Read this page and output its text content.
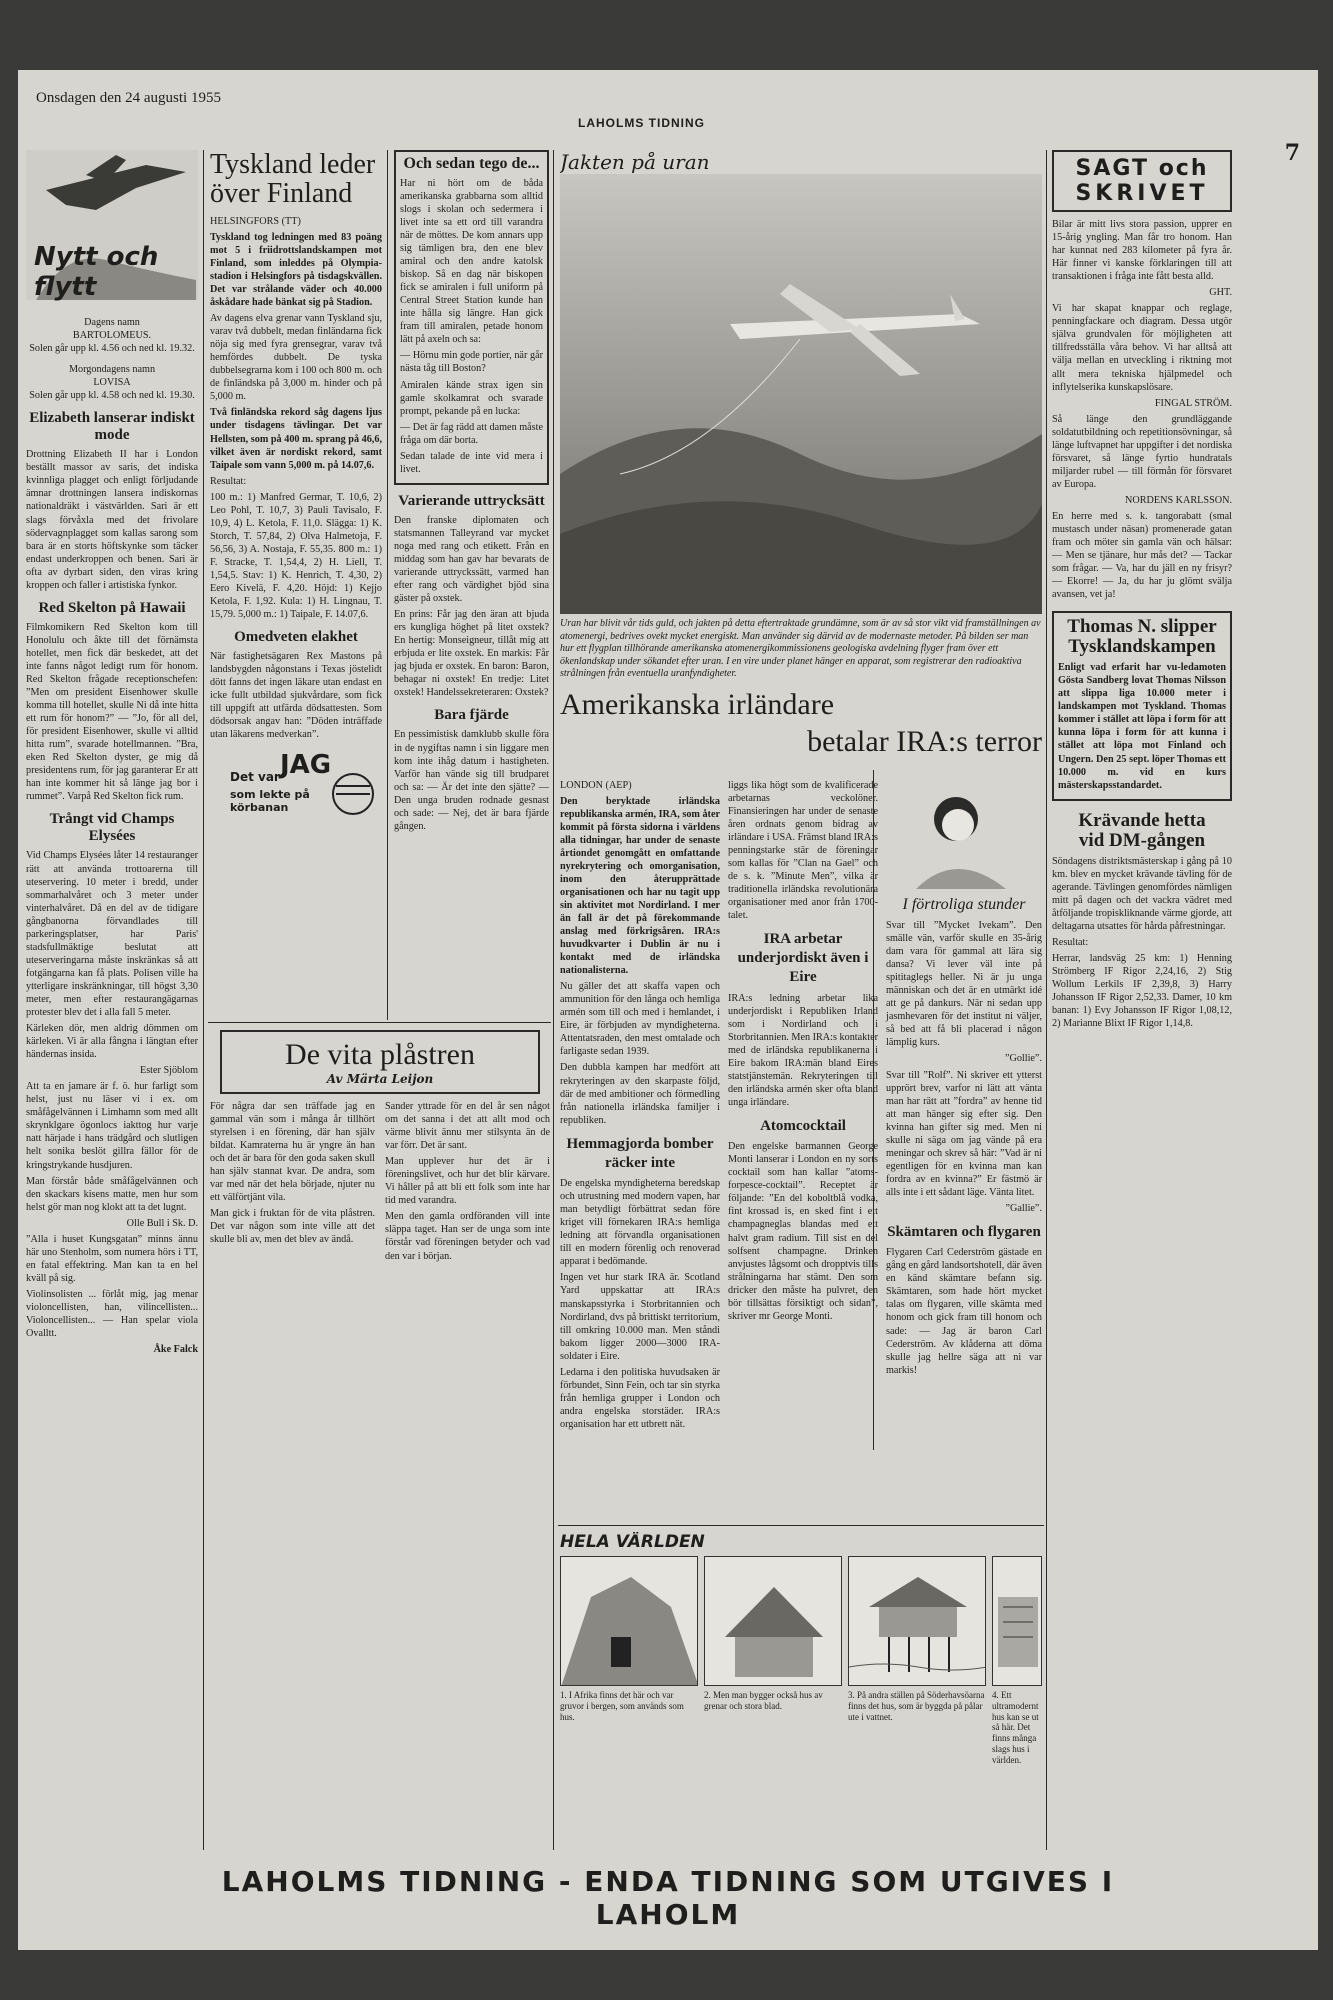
Onsdagen den 24 augusti 1955
LAHOLMS TIDNING
7
Nytt och flytt
Dagens namn
BARTOLOMEUS.
Solen går upp kl. 4.56 och ned kl. 19.32.
Morgondagens namn
LOVISA
Solen går upp kl. 4.58 och ned kl. 19.30.
Elizabeth lanserar indiskt mode

Drottning Elizabeth II har i London beställt massor av saris, det indiska kvinnliga plagget och enligt förljudande ämnar drottningen lansera indiskornas nationaldräkt i västvärlden. Sari är ett slags förvåxla med det frivolare södervagnplagget som kallas sarong som bara är en storts höftskynke som täcker endast underkroppen och benen. Sari är ofta av dyrbart siden, den viras kring kroppen och faller i artistiska fynkor.

Red Skelton på Hawaii

Filmkomikern Red Skelton kom till Honolulu och åkte till det förnämsta hotellet, men fick där beskedet, att det inte fanns något ledigt rum för honom. Red Skelton frågade receptionschefen: ”Men om president Eisenhower skulle komma till hotellet, skulle Ni då inte hitta ett rum för honom?” — ”Jo, för all del, för president Eisenhower, skulle vi alltid hitta rum”, svarade hotellmannen. ”Bra, eken Red Skelton dyster, ge mig då presidentens rum, för jag garanterar Er att han inte kommer hit så länge jag bor i rummet”. Varpå Red Skelton fick rum.

Trångt vid Champs Elysées

Vid Champs Elysées låter 14 restauranger rätt att använda trottoarerna till uteservering. 10 meter i bredd, under sommarhalvåret och 3 meter under vinterhalvåret. Då en del av de tidigare gångbanorna förvandlades till parkeringsplatser, har Paris' stadsfullmäktige beslutat att uteserveringarna måste inskränkas så att fotgängarna kan få plats. Polisen ville ha ytterligare inskränkningar, till högst 3,30 meter, men efter restaurangägarnas protester blev det i alla fall 5 meter.

Kärleken dör, men aldrig dömmen om kärleken. Vi är alla fångna i längtan efter händernas insida.

Ester Sjöblom

Att ta en jamare är f. ö. hur farligt som helst, just nu läser vi i ex. om småfågelvännen i Limhamn som med allt skrynklgare ögonlocs iakttog hur varje natt härjade i hans trädgård och slutligen helt sonika beslöt gillra fällor för de kringstrykande husdjuren.

Man förstår både småfågelvännen och den skackars kisens matte, men hur som helst gör man nog klokt att ta det lugnt.

Olle Bull i Sk. D.

”Alla i huset Kungsgatan” minns ännu här uno Stenholm, som numera hörs i TT, en fatal effektring. Man kan ta en hel kväll på sig.

Violinsolisten ... förlåt mig, jag menar violoncellisten, han, vilincellisten... Violoncellisten... — Han spelar viola Ovalltt.

Åke Falck

Tyskland leder över Finland

HELSINGFORS (TT)

Tyskland tog ledningen med 83 poäng mot 5 i friidrottslandskampen mot Finland, som inleddes på Olympia-stadion i Helsingfors på tisdagskvällen. Det var strålande väder och 40.000 åskådare hade bänkat sig på Stadion.

Av dagens elva grenar vann Tyskland sju, varav två dubbelt, medan finländarna fick nöja sig med fyra grensegrar, varav två hemfördes dubbelt. De tyska dubbelsegrarna kom i 100 och 800 m. och de finländska på 3,000 m. hinder och på 5,000 m.

Två finländska rekord såg dagens ljus under tisdagens tävlingar. Det var Hellsten, som på 400 m. sprang på 46,6, vilket även är nordiskt rekord, samt Taipale som vann 5,000 m. på 14.07,6.

Resultat:

100 m.: 1) Manfred Germar, T. 10,6, 2) Leo Pohl, T. 10,7, 3) Pauli Tavisalo, F. 10,9, 4) L. Ketola, F. 11,0. Slägga: 1) K. Storch, T. 57,84, 2) Olva Halmetoja, F. 56,56, 3) A. Nostaja, F. 55,35. 800 m.: 1) F. Stracke, T. 1,54,4, 2) H. Liell, T. 1,54,5. Stav: 1) K. Henrich, T. 4,30, 2) Eero Kivelä, F. 4,20. Höjd: 1) Kejjo Ketola, F. 1,92. Kula: 1) H. Lingnau, T. 15,79. 5,000 m.: 1) Taipale, F. 14.07,6.

Omedveten elakhet

När fastighetsägaren Rex Mastons på landsbygden någonstans i Texas jöstelidt dött fanns det ingen läkare utan endast en icke fullt utbildad sjukvårdare, som fick till uppgift att utfärda dödsattesten. Som dödsorsak angav han: ”Döden inträffade utan läkarens medverkan”.

Det var JAG
som lekte på körbanan
Och sedan tego de...

Har ni hört om de båda amerikanska grabbarna som alltid slogs i skolan och sedermera i livet inte sa ett ord till varandra när de möttes. De kom annars upp sig tämligen bra, den ene blev amiral och den andre katolsk biskop. Så en dag när biskopen fick se amiralen i full uniform på Central Street Station kunde han inte hålla sig längre. Han gick fram till amiralen, petade honom lätt på axeln och sa:

— Hörnu min gode portier, när går nästa tåg till Boston?

Amiralen kände strax igen sin gamle skolkamrat och svarade prompt, pekande på en lucka:

— Det är fag rädd att damen måste fråga om där borta.

Sedan talade de inte vid mera i livet.

Varierande uttrycksätt

Den franske diplomaten och statsmannen Talleyrand var mycket noga med rang och etikett. Från en middag som han gav har bevarats de varierande uttryckssätt, varmed han efter rang och värdighet bjöd sina gäster på oxstek.

En prins: Får jag den äran att bjuda ers kungliga höghet på litet oxstek? En hertig: Monseigneur, tillåt mig att erbjuda er lite oxstek. En markis: Får jag bjuda er oxstek. En baron: Baron, behagar ni oxstek! En tredje: Litet oxstek! Handelssekreteraren: Oxstek?

Bara fjärde

En pessimistisk damklubb skulle föra in de nygiftas namn i sin liggare men kom inte ihåg datum i hastigheten. Varför han vände sig till brudparet och sa: — Är det inte den sjätte? — Den unga bruden rodnade gesnast och sade: — Nej, det är bara fjärde gången.

De vita plåstren
Av Märta Leijon

För några dar sen träffade jag en gammal vän som i många år tillhört styrelsen i en förening, där han själv bildat. Kamraterna hu är yngre än han och det är bara för den goda saken skull han själv stannat kvar. De andra, som var med när det hela började, njuter nu ett välförtjänt vila.

Man gick i fruktan för de vita plåstren. Det var någon som inte ville att det skulle bli av, men det blev av ändå.

Sander yttrade för en del år sen något om det sanna i det att allt mod och värme blivit ännu mer stilsynta än de var förr. Det är sant.

Man upplever hur det är i föreningslivet, och hur det blir kärvare. Vi håller på att bli ett folk som inte har tid med varandra.

Men den gamla ordföranden vill inte släppa taget. Han ser de unga som inte förstår vad föreningen betyder och vad den var i början.

Jakten på uran
Uran har blivit vår tids guld, och jakten på detta eftertraktade grundämne, som är av så stor vikt vid framställningen av atomenergi, bedrives ovekt mycket energiskt. Man använder sig därvid av de modernaste metoder. På bilden ser man hur ett flygplan tillhörande amerikanska atomenergikommissionens geologiska avdelning flyger fram över ett ökenlandskap under sökandet efter uran. I en vire under planet hänger en apparat, som registrerar den radioaktiva strålningen från eventuella uranfyndigheter.
Amerikanska irländare
betalar IRA:s terror

LONDON (AEP)

Den beryktade irländska republikanska armén, IRA, som åter kommit på första sidorna i världens alla tidningar, har under de senaste årtiondet genomgått en omfattande nyrekrytering och omorganisation, inom den återupprättade organisationen och har nu tagit upp sin aktivitet mot Nordirland. I mer än fall är det på förekommande anslag med förkrigsåren. IRA:s huvudkvarter i Dublin är nu i kontakt med de irländska nationalisterna.

Nu gäller det att skaffa vapen och ammunition för den långa och hemliga armén som till och med i hemlandet, i Eire, är förbjuden av myndigheterna. Attentatsraden, den mest omtalade och farligaste sedan 1939.

Den dubbla kampen har medfört att rekryteringen av den skarpaste följd, där de med ambitioner och förmedling från nationella irländska familjer i republiken.

Hemmagjorda bomber räcker inte

De engelska myndigheterna beredskap och utrustning med modern vapen, har man betydligt förbättrat sedan före kriget vill förnekaren IRA:s hemliga ledning att förvandla organisationen till en modern förenlig och renoverad apparat i bedömande.

Ingen vet hur stark IRA är. Scotland Yard uppskattar att IRA:s manskapsstyrka i Storbritannien och Nordirland, dvs på brittiskt territorium, till omkring 10.000 man. Men ståndi bakom ligger 2000—3000 IRA-soldater i Eire.

Ledarna i den politiska huvudsaken är förbundet, Sinn Fein, och tar sin styrka från hemliga grupper i London och andra engelska storstäder. IRA:s organisation har ett utbrett nät.

liggs lika högt som de kvalificerade arbetarnas veckolöner. Finansieringen har under de senaste åren ordnats genom bidrag av irländare i USA. Främst bland IRA:s penningstarke stär de föreningar som kallas för ”Clan na Gael” och de s. k. ”Minute Men”, vilka är traditionella irländska revolutionära organisationer med anor från 1700-talet.

IRA arbetar underjordiskt även i Eire

IRA:s ledning arbetar lika underjordiskt i Republiken Irland som i Nordirland och i Storbritannien. Men IRA:s kontakter med de irländska republikanerna i Eire bakom IRA:män bland Eires statstjänstemän. Rekryteringen till den irländska armén sker ofta bland unga irländare.

Atomcocktail

Den engelske barmannen George Monti lanserar i London en ny sorts cocktail som han kallar ”atoms-forpesce-cocktail”. Receptet är följande: ”En del koboltblå vodka, fint krossad is, en sked fint i ett champagneglas blandas med ett halvt gram radium. Till sist en del solfsent champagne. Drinken anvjustes lågsomt och dropptvis tills strålningarna har stämt. Den som dricker den måste ha pulvret, den bör tillsättas försiktigt och sidan”, skriver mr George Monti.

I förtroliga stunder

Svar till ”Mycket Ivekam”. Den smälle vän, varför skulle en 35-årig dam vara för gammal att lära sig dansa? Vi lever väl inte på spititaglegs heller. Ni är ju unga människan och det är en utmärkt idé att ge på dankurs. När ni sedan upp jasmhevaren för det institut ni väljer, så bed att få bli placerad i någon lämplig kurs.

”Gollie”.

Svar till ”Rolf”. Ni skriver ett ytterst upprört brev, varfor ni lätt att vänta man har rätt att ”fordra” av henne tid att man hänger sig efter sig. Den kvinna han gifter sig med. Men ni skulle ni säga om jag vände på era meningar och skrev så här: ”Vad är ni egentligen för en kvinna man kan fordra av en kvinna?” Er fästmö är alls inte i ett sådant läge. Vänta litet.

”Gallie”.

Skämtaren och flygaren

Flygaren Carl Cederström gästade en gång en gård landsortshotell, där även en känd skämtare befann sig. Skämtaren, som hade hört mycket talas om flygaren, ville skämta med honom och gick fram till honom och sade: — Jag är baron Carl Cederström. Av klåderna att döma skulle jag hellre säga att ni var markis!

HELA VÄRLDEN
1. I Afrika finns det här och var gruvor i bergen, som används som hus.
2. Men man bygger också hus av grenar och stora blad.
3. På andra ställen på Söderhavsöarna finns det hus, som är byggda på pålar ute i vattnet.
4. Ett ultramodernt hus kan se ut så här. Det finns många slags hus i världen.
SAGT och
SKRIVET

Bilar är mitt livs stora passion, upprer en 15-årig yngling. Man får tro honom. Han har kunnat ned 283 kilometer på fyra år. Här finner vi kanske förklaringen till att transaktionen i fråga inte fått besta alld.

GHT.

Vi har skapat knappar och reglage, penningfackare och diagram. Dessa utgör själva grundvalen för möjligheten att tillfredsställa våra behov. Vi har alltså att välja mellan en utveckling i riktning mot allt mera tekniska hjälpmedel och inflytelserika kunskapslösare.

FINGAL STRÖM.

Så länge den grundläggande soldatutbildning och repetitionsövningar, så länge luftvapnet har uppgifter i det nordiska försvaret, så länge fyrtio hundratals miljarder rubel — till förmån för försvaret av Europa.

NORDENS KARLSSON.

En herre med s. k. tangorabatt (smal mustasch under näsan) promenerade gatan fram och möter sin gamla vän och hälsar: — Men se tjänare, hur mås det? — Tackar som frågar. — Va, har du jäll en ny frisyr? — Ekorre! — Ja, du har ju glömt svälja avansen, vet ja!

Thomas N. slipper
Tysklandskampen

Enligt vad erfarit har vu-ledamoten Gösta Sandberg lovat Thomas Nilsson att slippa liga 10.000 meter i landskampen mot Tyskland. Thomas kommer i stället att löpa i form för att kunna löpa i form för att kunna i stället att löpa mot Finland och Ungern. Den 25 sept. löper Thomas ett 10.000 m. vid en kurs mästerskapsstandardet.

Krävande hetta
vid DM-gången

Söndagens distriktsmästerskap i gång på 10 km. blev en mycket krävande tävling för de agerande. Tävlingen genomfördes nämligen mitt på dagen och det vackra vädret med åtföljande tropiskliknande värme gjorde, att deltagarna utsattes för hårda påfrestningar.

Resultat:

Herrar, landsväg 25 km: 1) Henning Strömberg IF Rigor 2,24,16, 2) Stig Wollum Lerkils IF 2,39,8, 3) Harry Johansson IF Rigor 2,52,33. Damer, 10 km banan: 1) Evy Johansson IF Rigor 1,08,12, 2) Marianne Blixt IF Rigor 1,14,8.

LAHOLMS TIDNING - ENDA TIDNING SOM UTGIVES I LAHOLM
